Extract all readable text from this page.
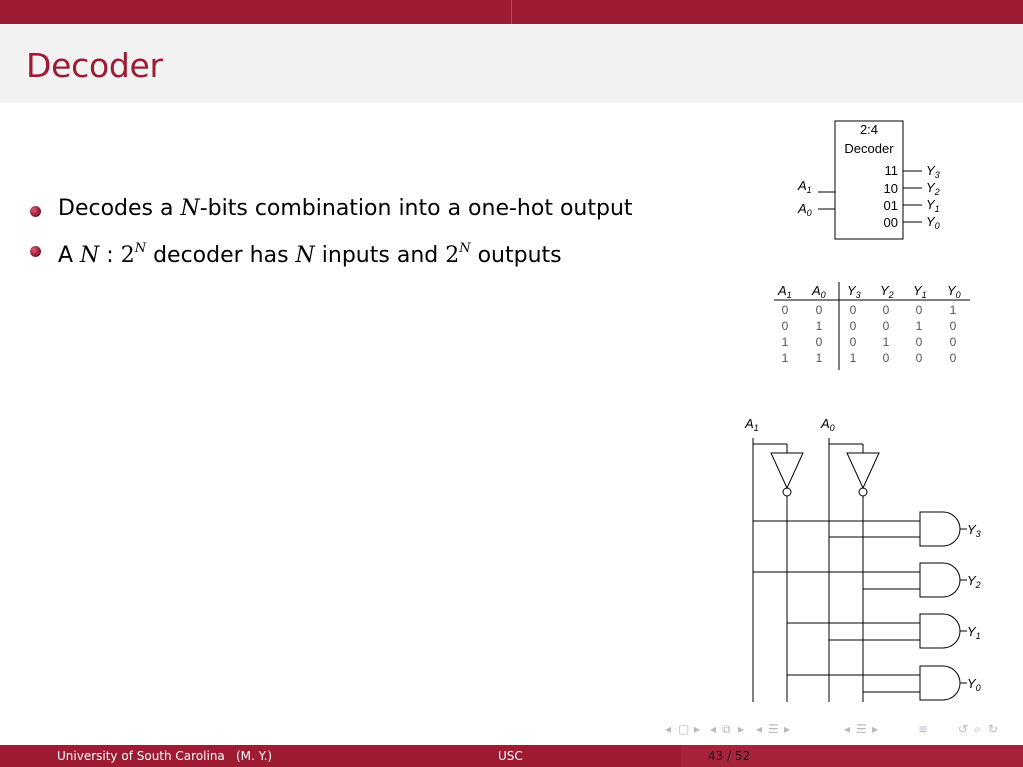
Decoder
Decodes a N-bits combination into a one-hot output
A N : $2^N$ decoder has N inputs and $2^N$ outputs
2:4
Decoder
$A_1$
$A_0$
11
10
01
00
$Y_3$
$Y_2$
$Y_1$
$Y_0$
$A_1$ $A_0$ $Y_3$ $Y_2$ $Y_1$ $Y_0$
0 0 0 0 0 1
0 1 0 0 1 0
1 0 0 1 0 0
1 1 1 0 0 0
$A_1$	$A_0$
$Y_3$
$Y_2$
$Y_1$
$Y_0$
◂ ▢ ▸ ◂ ⧉ ▸ ◂ ☰ ▸	◂ ☰ ▸	≡ ↺ ⌕ ↻
University of South Carolina (M. Y.)	USC	43 / 52
